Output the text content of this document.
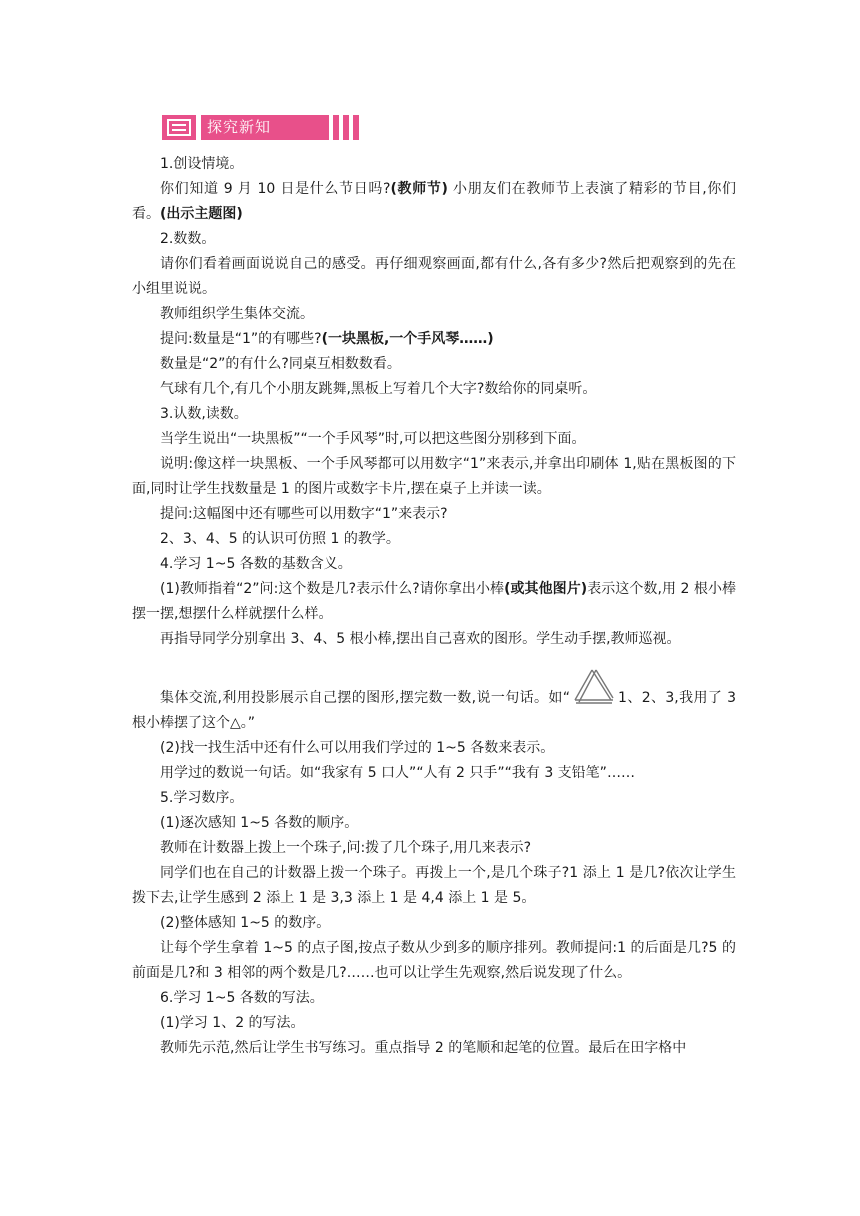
探究新知

1.创设情境。

你们知道 9 月 10 日是什么节日吗?(教师节) 小朋友们在教师节上表演了精彩的节目,你们看。(出示主题图)

2.数数。

请你们看着画面说说自己的感受。再仔细观察画面,都有什么,各有多少?然后把观察到的先在小组里说说。

教师组织学生集体交流。

提问:数量是“1”的有哪些?(一块黑板,一个手风琴……)

数量是“2”的有什么?同桌互相数数看。

气球有几个,有几个小朋友跳舞,黑板上写着几个大字?数给你的同桌听。

3.认数,读数。

当学生说出“一块黑板”“一个手风琴”时,可以把这些图分别移到下面。

说明:像这样一块黑板、一个手风琴都可以用数字“1”来表示,并拿出印刷体 1,贴在黑板图的下面,同时让学生找数量是 1 的图片或数字卡片,摆在桌子上并读一读。

提问:这幅图中还有哪些可以用数字“1”来表示?

2、3、4、5 的认识可仿照 1 的教学。

4.学习 1~5 各数的基数含义。

(1)教师指着“2”问:这个数是几?表示什么?请你拿出小棒(或其他图片)表示这个数,用 2 根小棒摆一摆,想摆什么样就摆什么样。

再指导同学分别拿出 3、4、5 根小棒,摆出自己喜欢的图形。学生动手摆,教师巡视。

集体交流,利用投影展示自己摆的图形,摆完数一数,说一句话。如“	1、2、3,我用了 3 根小棒摆了这个△。”

(2)找一找生活中还有什么可以用我们学过的 1~5 各数来表示。

用学过的数说一句话。如“我家有 5 口人”“人有 2 只手”“我有 3 支铅笔”……

5.学习数序。

(1)逐次感知 1~5 各数的顺序。

教师在计数器上拨上一个珠子,问:拨了几个珠子,用几来表示?

同学们也在自己的计数器上拨一个珠子。再拨上一个,是几个珠子?1 添上 1 是几?依次让学生拨下去,让学生感到 2 添上 1 是 3,3 添上 1 是 4,4 添上 1 是 5。

(2)整体感知 1~5 的数序。

让每个学生拿着 1~5 的点子图,按点子数从少到多的顺序排列。教师提问:1 的后面是几?5 的前面是几?和 3 相邻的两个数是几?……也可以让学生先观察,然后说发现了什么。

6.学习 1~5 各数的写法。

(1)学习 1、2 的写法。

教师先示范,然后让学生书写练习。重点指导 2 的笔顺和起笔的位置。最后在田字格中
